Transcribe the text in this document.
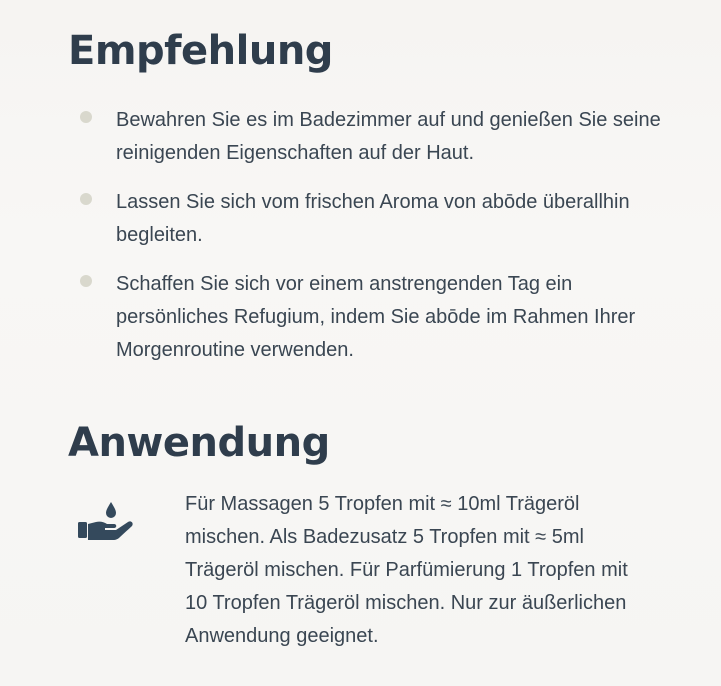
Empfehlung
Bewahren Sie es im Badezimmer auf und genießen Sie seine reinigenden Eigenschaften auf der Haut.
Lassen Sie sich vom frischen Aroma von abōde überallhin begleiten.
Schaffen Sie sich vor einem anstrengenden Tag ein persönliches Refugium, indem Sie abōde im Rahmen Ihrer Morgenroutine verwenden.
Anwendung
Für Massagen 5 Tropfen mit ≈ 10ml Trägeröl mischen. Als Badezusatz 5 Tropfen mit ≈ 5ml Trägeröl mischen. Für Parfümierung 1 Tropfen mit 10 Tropfen Trägeröl mischen. Nur zur äußerlichen Anwendung geeignet.
